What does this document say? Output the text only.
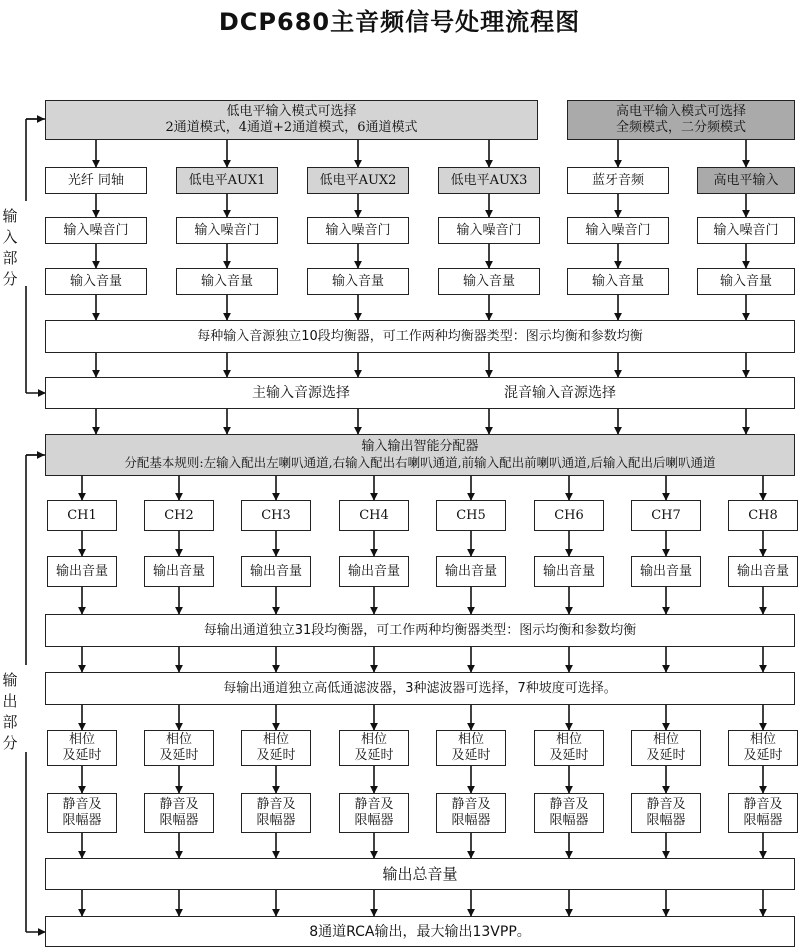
DCP680主音频信号处理流程图
输入部分
输出部分
低电平输入模式可选择
2通道模式，4通道+2通道模式，6通道模式
高电平输入模式可选择
全频模式，二分频模式
光纤 同轴	低电平AUX1	低电平AUX2	低电平AUX3	蓝牙音频	高电平输入
输入噪音门	输入噪音门	输入噪音门	输入噪音门	输入噪音门	输入噪音门
输入音量	输入音量	输入音量	输入音量	输入音量	输入音量
每种输入音源独立10段均衡器，可工作两种均衡器类型：图示均衡和参数均衡
主输入音源选择	混音输入音源选择
输入输出智能分配器
分配基本规则:左输入配出左喇叭通道,右输入配出右喇叭通道,前输入配出前喇叭通道,后输入配出后喇叭通道
CH1	CH2	CH3	CH4	CH5	CH6	CH7	CH8
输出音量	输出音量	输出音量	输出音量	输出音量	输出音量	输出音量	输出音量
每输出通道独立31段均衡器，可工作两种均衡器类型：图示均衡和参数均衡
每输出通道独立高低通滤波器，3种滤波器可选择，7种坡度可选择。
相位
及延时
相位
及延时
相位
及延时
相位
及延时
相位
及延时
相位
及延时
相位
及延时
相位
及延时
静音及
限幅器
静音及
限幅器
静音及
限幅器
静音及
限幅器
静音及
限幅器
静音及
限幅器
静音及
限幅器
静音及
限幅器
输出总音量
8通道RCA输出，最大输出13VPP。
